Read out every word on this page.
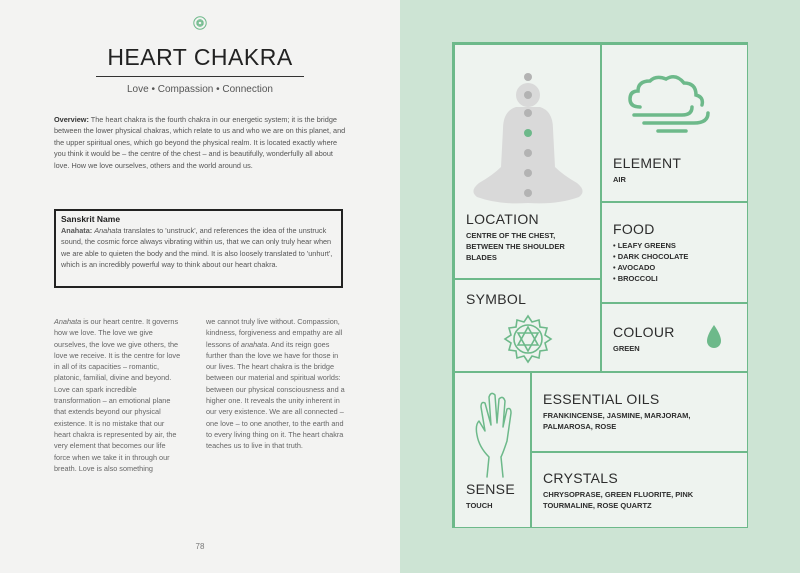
HEART CHAKRA
Love • Compassion • Connection
Overview: The heart chakra is the fourth chakra in our energetic system; it is the bridge between the lower physical chakras, which relate to us and who we are on this planet, and the upper spiritual ones, which go beyond the physical realm. It is located exactly where you think it would be – the centre of the chest – and is beautifully, wonderfully all about love. How we love ourselves, others and the world around us.
Sanskrit Name
Anahata: Anahata translates to 'unstruck', and references the idea of the unstruck sound, the cosmic force always vibrating within us, that we can only truly hear when we are able to quieten the body and the mind. It is also loosely translated to 'unhurt', which is an incredibly powerful way to think about our heart chakra.
Anahata is our heart centre. It governs how we love. The love we give ourselves, the love we give others, the love we receive. It is the centre for love in all of its capacities – romantic, platonic, familial, divine and beyond. Love can spark incredible transformation – an emotional plane that extends beyond our physical existence. It is no mistake that our heart chakra is represented by air, the very element that becomes our life force when we take it in through our breath. Love is also something
we cannot truly live without. Compassion, kindness, forgiveness and empathy are all lessons of anahata. And its reign goes further than the love we have for those in our lives. The heart chakra is the bridge between our material and spiritual worlds: between our physical consciousness and a higher one. It reveals the unity inherent in our very existence. We are all connected – one love – to one another, to the earth and to every living thing on it. The heart chakra teaches us to live in that truth.
78
LOCATION
CENTRE OF THE CHEST, BETWEEN THE SHOULDER BLADES
ELEMENT
AIR
FOOD
• LEAFY GREENS
• DARK CHOCOLATE
• AVOCADO
• BROCCOLI
SYMBOL
COLOUR
GREEN
SENSE
TOUCH
ESSENTIAL OILS
FRANKINCENSE, JASMINE, MARJORAM, PALMAROSA, ROSE
CRYSTALS
CHRYSOPRASE, GREEN FLUORITE, PINK TOURMALINE, ROSE QUARTZ
